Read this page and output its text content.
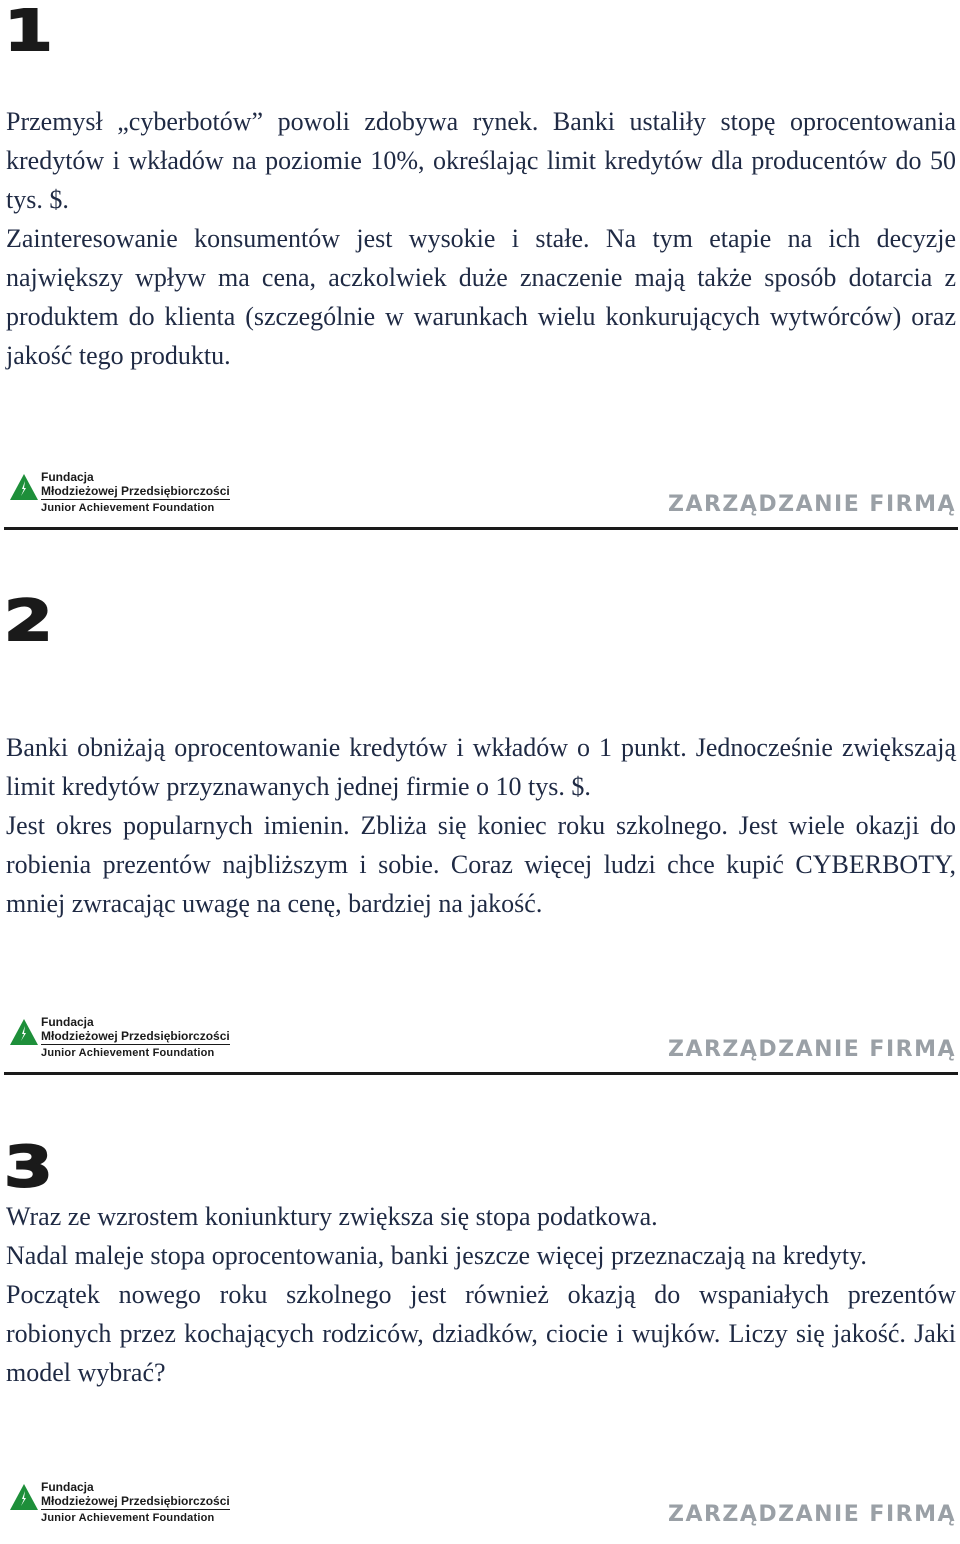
1

Przemysł „cyberbotów” powoli zdobywa rynek. Banki ustaliły stopę oprocentowania kredytów i wkładów na poziomie 10%, określając limit kredytów dla producentów do 50 tys. $.

Zainteresowanie konsumentów jest wysokie i stałe. Na tym etapie na ich decyzje największy wpływ ma cena, aczkolwiek duże znaczenie mają także sposób dotarcia z produktem do klienta (szczególnie w warunkach wielu konkurujących wytwórców) oraz jakość tego produktu.

Fundacja
Młodzieżowej Przedsiębiorczości
Junior Achievement Foundation	ZARZĄDZANIE FIRMĄ
2

Banki obniżają oprocentowanie kredytów i wkładów o 1 punkt. Jednocześnie zwiększają limit kredytów przyznawanych jednej firmie o 10 tys. $.

Jest okres popularnych imienin. Zbliża się koniec roku szkolnego. Jest wiele okazji do robienia prezentów najbliższym i sobie. Coraz więcej ludzi chce kupić CYBERBOTY, mniej zwracając uwagę na cenę, bardziej na jakość.

Fundacja
Młodzieżowej Przedsiębiorczości
Junior Achievement Foundation	ZARZĄDZANIE FIRMĄ
3

Wraz ze wzrostem koniunktury zwiększa się stopa podatkowa.

Nadal maleje stopa oprocentowania, banki jeszcze więcej przeznaczają na kredyty.

Początek nowego roku szkolnego jest również okazją do wspaniałych prezentów robionych przez kochających rodziców, dziadków, ciocie i wujków. Liczy się jakość. Jaki model wybrać?

Fundacja
Młodzieżowej Przedsiębiorczości
Junior Achievement Foundation	ZARZĄDZANIE FIRMĄ
